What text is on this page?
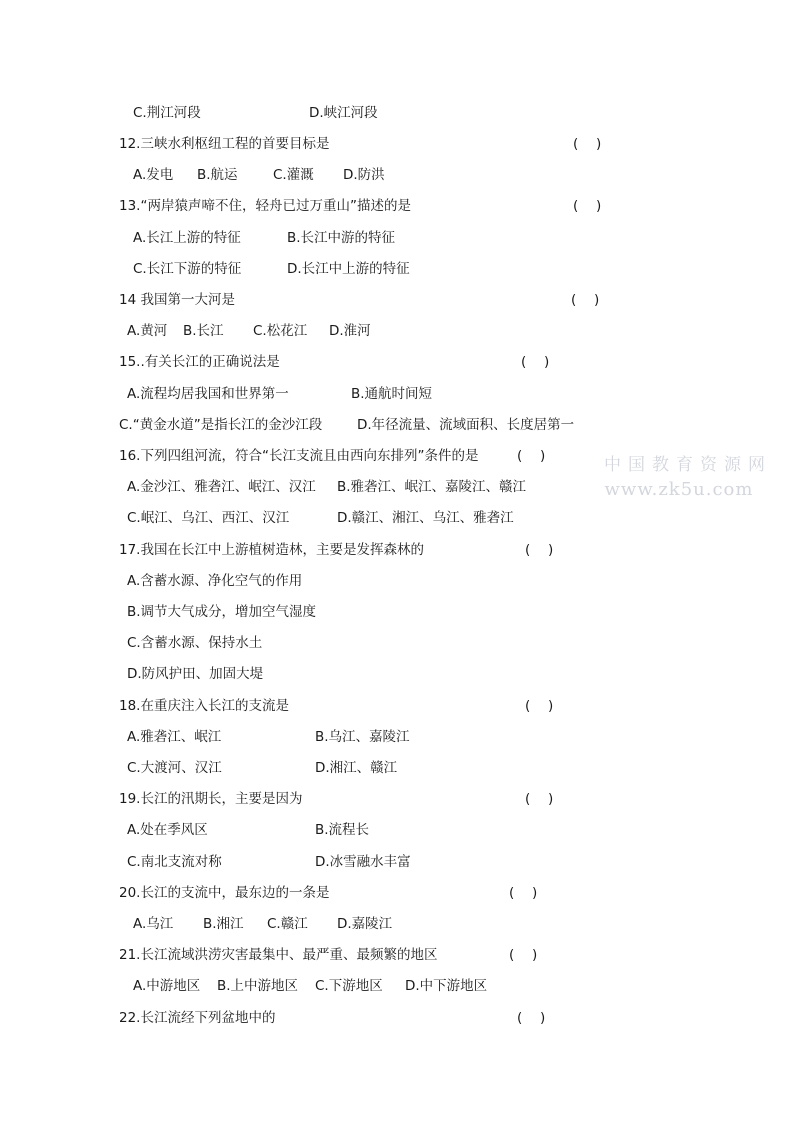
C.荆江河段	D.峡江河段

12.三峡水利枢纽工程的首要目标是	(　 )

A.发电 B.航运	C.灌溉 D.防洪

13.“两岸猿声啼不住，轻舟已过万重山”描述的是	(　 )

A.长江上游的特征	B.长江中游的特征

C.长江下游的特征	D.长江中上游的特征

14 我国第一大河是	(　 )

A.黄河 B.长江 C.松花江 D.淮河

15..有关长江的正确说法是	(　 )

A.流程均居我国和世界第一	B.通航时间短

C.“黄金水道”是指长江的金沙江段	D.年径流量、流域面积、长度居第一

16.下列四组河流，符合“长江支流且由西向东排列”条件的是	(　 )

A.金沙江、雅砻江、岷江、汉江 B.雅砻江、岷江、嘉陵江、赣江

C.岷江、乌江、西江、汉江	D.赣江、湘江、乌江、雅砻江

17.我国在长江中上游植树造林，主要是发挥森林的	(　 )

A.含蓄水源、净化空气的作用

B.调节大气成分，增加空气湿度

C.含蓄水源、保持水土

D.防风护田、加固大堤

18.在重庆注入长江的支流是	(　 )

A.雅砻江、岷江	B.乌江、嘉陵江

C.大渡河、汉江	D.湘江、赣江

19.长江的汛期长，主要是因为	(　 )

A.处在季风区	B.流程长

C.南北支流对称	D.冰雪融水丰富

20.长江的支流中，最东边的一条是	(　 )

A.乌江 B.湘江 C.赣江 D.嘉陵江

21.长江流域洪涝灾害最集中、最严重、最频繁的地区	(　 )

A.中游地区 B.上中游地区 C.下游地区 D.中下游地区

22.长江流经下列盆地中的	(　 )

中国教育资源网
www.zk5u.com
